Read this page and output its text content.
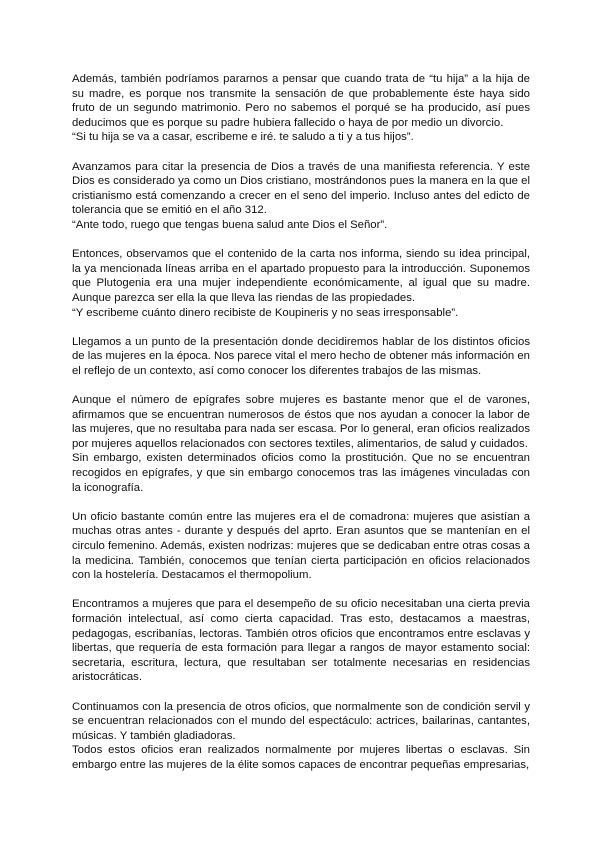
Además, también podríamos pararnos a pensar que cuando trata de “tu hija” a la hija de su madre, es porque nos transmite la sensación de que probablemente éste haya sido fruto de un segundo matrimonio. Pero no sabemos el porqué se ha producido, así pues deducimos que es porque su padre hubiera fallecido o haya de por medio un divorcio.
“Si tu hija se va a casar, escribeme e iré. te saludo a ti y a tus hijos”.

Avanzamos para citar la presencia de Dios a través de una manifiesta referencia. Y este Dios es considerado ya como un Dios cristiano, mostrándonos pues la manera en la que el cristianismo está comenzando a crecer en el seno del imperio. Incluso antes del edicto de tolerancia que se emitió en el año 312.
“Ante todo, ruego que tengas buena salud ante Dios el Señor”.

Entonces, observamos que el contenido de la carta nos informa, siendo su idea principal, la ya mencionada líneas arriba en el apartado propuesto para la introducción. Suponemos que Plutogenia era una mujer independiente económicamente, al igual que su madre. Aunque parezca ser ella la que lleva las riendas de las propiedades.
“Y escribeme cuánto dinero recibiste de Koupineris y no seas irresponsable”.

Llegamos a un punto de la presentación donde decidiremos hablar de los distintos oficios de las mujeres en la época. Nos parece vital el mero hecho de obtener más información en el reflejo de un contexto, así como conocer los diferentes trabajos de las mismas.

Aunque el número de epígrafes sobre mujeres es bastante menor que el de varones, afirmamos que se encuentran numerosos de éstos que nos ayudan a conocer la labor de las mujeres, que no resultaba para nada ser escasa. Por lo general, eran oficios realizados por mujeres aquellos relacionados con sectores textiles, alimentarios, de salud y cuidados.
Sin embargo, existen determinados oficios como la prostitución. Que no se encuentran recogidos en epígrafes, y que sin embargo conocemos tras las imágenes vinculadas con la iconografía.

Un oficio bastante común entre las mujeres era el de comadrona: mujeres que asistían a muchas otras antes - durante y después del aprto. Eran asuntos que se mantenían en el circulo femenino. Además, existen nodrizas: mujeres que se dedicaban entre otras cosas a la medicina. También, conocemos que tenían cierta participación en oficios relacionados con la hostelería. Destacamos el thermopolium.

Encontramos a mujeres que para el desempeño de su oficio necesitaban una cierta previa formación intelectual, así como cierta capacidad. Tras esto, destacamos a maestras, pedagogas, escribanías, lectoras. También otros oficios que encontramos entre esclavas y libertas, que requería de esta formación para llegar a rangos de mayor estamento social: secretaria, escritura, lectura, que resultaban ser totalmente necesarias en residencias aristocráticas.

Continuamos con la presencia de otros oficios, que normalmente son de condición servil y se encuentran relacionados con el mundo del espectáculo: actrices, bailarinas, cantantes, músicas. Y también gladiadoras.
Todos estos oficios eran realizados normalmente por mujeres libertas o esclavas. Sin embargo entre las mujeres de la élite somos capaces de encontrar pequeñas empresarias,
